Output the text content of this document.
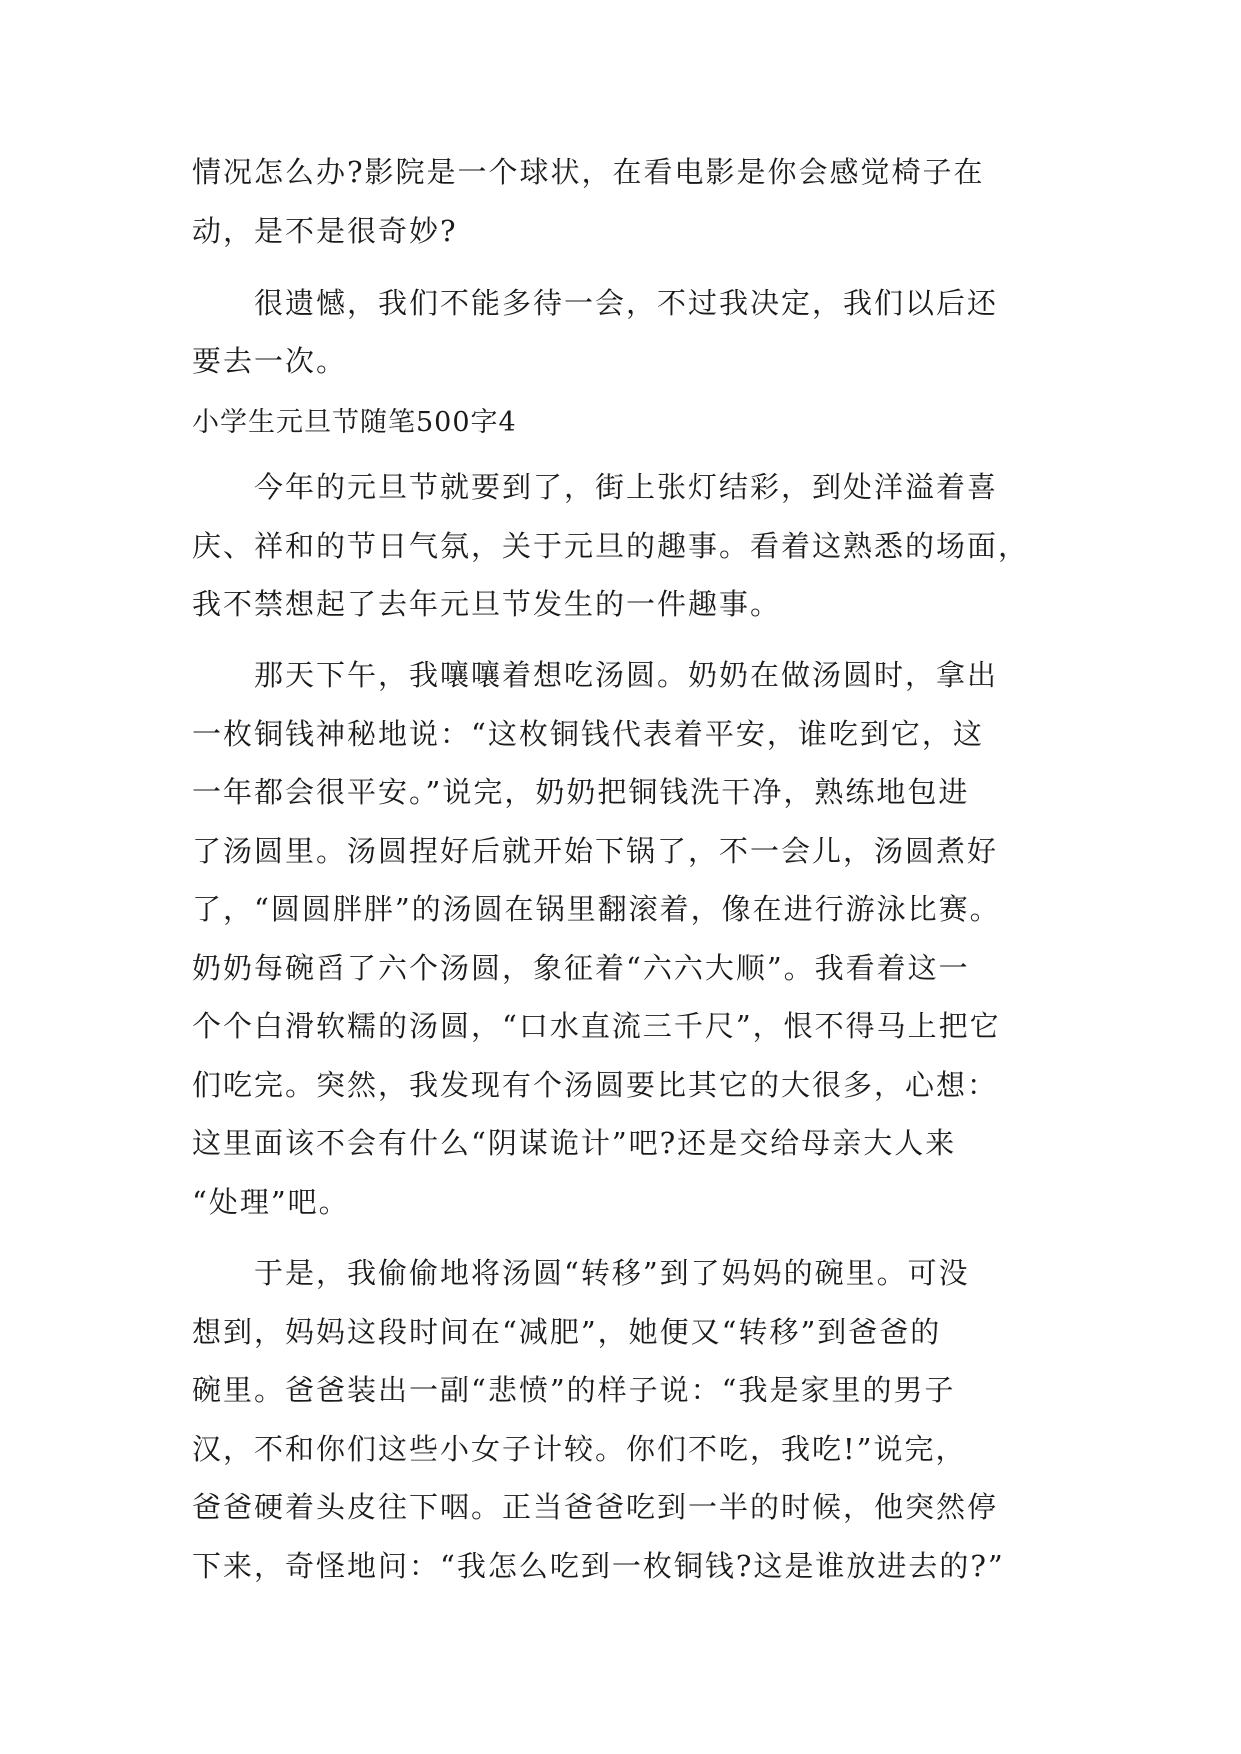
情况怎么办?影院是一个球状，在看电影是你会感觉椅子在
动，是不是很奇妙?
　　很遗憾，我们不能多待一会，不过我决定，我们以后还
要去一次。
小学生元旦节随笔500字4
　　今年的元旦节就要到了，街上张灯结彩，到处洋溢着喜
庆、祥和的节日气氛，关于元旦的趣事。看着这熟悉的场面，
我不禁想起了去年元旦节发生的一件趣事。
　　那天下午，我嚷嚷着想吃汤圆。奶奶在做汤圆时，拿出
一枚铜钱神秘地说：“这枚铜钱代表着平安，谁吃到它，这
一年都会很平安。”说完，奶奶把铜钱洗干净，熟练地包进
了汤圆里。汤圆捏好后就开始下锅了，不一会儿，汤圆煮好
了，“圆圆胖胖”的汤圆在锅里翻滚着，像在进行游泳比赛。
奶奶每碗舀了六个汤圆，象征着“六六大顺”。我看着这一
个个白滑软糯的汤圆，“口水直流三千尺”，恨不得马上把它
们吃完。突然，我发现有个汤圆要比其它的大很多，心想：
这里面该不会有什么“阴谋诡计”吧?还是交给母亲大人来
“处理”吧。
　　于是，我偷偷地将汤圆“转移”到了妈妈的碗里。可没
想到，妈妈这段时间在“减肥”，她便又“转移”到爸爸的
碗里。爸爸装出一副“悲愤”的样子说：“我是家里的男子
汉，不和你们这些小女子计较。你们不吃，我吃!”说完，
爸爸硬着头皮往下咽。正当爸爸吃到一半的时候，他突然停
下来，奇怪地问：“我怎么吃到一枚铜钱?这是谁放进去的?”
